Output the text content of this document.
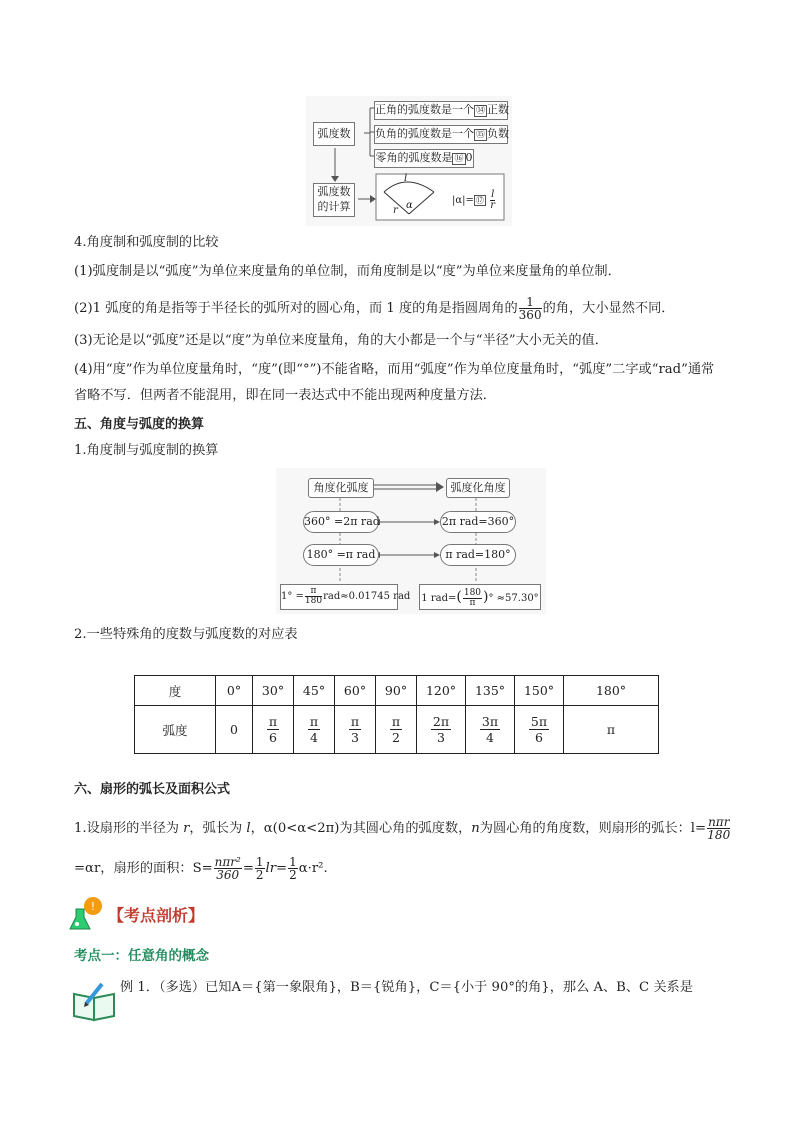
弧度数
正角的弧度数是一个 ⑭ 正数
负角的弧度数是一个 ⑮ 负数
零角的弧度数是 ⑯ 0
弧度数
的计算
l
α
r
|α|= ⑰ $\frac{l}{r}$
4.角度制和弧度制的比较
(1)弧度制是以“弧度”为单位来度量角的单位制，而角度制是以“度”为单位来度量角的单位制．
(2)1 弧度的角是指等于半径长的弧所对的圆心角，而 1 度的角是指圆周角的 $\frac{1}{360}$ 的角，大小显然不同．
(3)无论是以“弧度”还是以“度”为单位来度量角，角的大小都是一个与“半径”大小无关的值．
(4)用“度”作为单位度量角时，“度”(即“°”)不能省略，而用“弧度”作为单位度量角时，“弧度”二字或“rad”通常
省略不写．但两者不能混用，即在同一表达式中不能出现两种度量方法．
五、角度与弧度的换算
1.角度制与弧度制的换算
角度化弧度	弧度化角度
360° =2π rad	2π rad=360°
180° =π rad	π rad=180°
$1^\circ = \frac{\pi}{180} rad\approx 0.01745$ rad 1 $rad=( \frac{180}{\pi}$ )° ≈57.30°
2.一些特殊角的度数与弧度数的对应表
度	0°	30°	45°	60°	90°	120°	135°	150°	180°
弧度	0	$\frac{\pi}{6}$	$\frac{\pi}{4}$	$\frac{\pi}{3}$	$\frac{\pi}{2}$	$\frac{2\pi}{3}$	$\frac{3\pi}{4}$	$\frac{5\pi}{6}$	π
六、扇形的弧长及面积公式
1.设扇形的半径为 r，弧长为 l，α(0<α<2π)为其圆心角的弧度数，n为圆心角的角度数，则扇形的弧长：$l= \frac{\text{nπr}}{180}$
=αr，扇形的面积：$S= \frac{\text{nπr²}}{360} = \frac{1}{2} lr= \frac{1}{2} \alpha\cdot r^2$.
! 【考点剖析】
考点一：任意角的概念
例 1．（多选）已知A＝{第一象限角}，B＝{锐角}，C＝{小于 90°的角}，那么 A、B、C 关系是
